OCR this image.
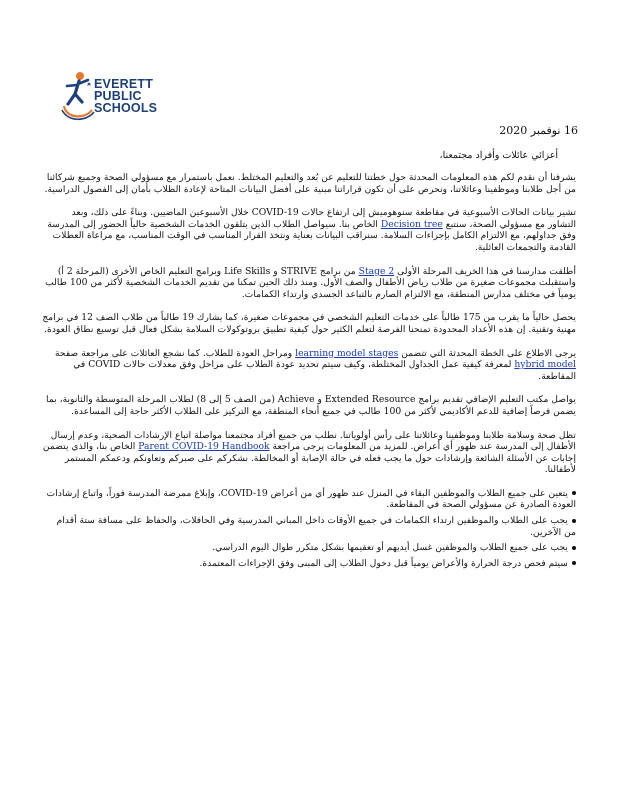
EVERETT
PUBLIC
SCHOOLS
16 نوفمبر 2020
أعزائي عائلات وأفراد مجتمعنا،

يشرفنا أن نقدم لكم هذه المعلومات المحدثة حول خطتنا للتعليم عن بُعد والتعليم المختلط. نعمل باستمرار مع مسؤولي الصحة وجميع شركائنا من أجل طلابنا وموظفينا وعائلاتنا، ونحرص على أن تكون قراراتنا مبنية على أفضل البيانات المتاحة لإعادة الطلاب بأمان إلى الفصول الدراسية.

تشير بيانات الحالات الأسبوعية في مقاطعة سنوهوميش إلى ارتفاع حالات COVID-19 خلال الأسبوعين الماضيين. وبناءً على ذلك، وبعد التشاور مع مسؤولي الصحة، سنتبع Decision tree الخاص بنا. سيواصل الطلاب الذين يتلقون الخدمات الشخصية حالياً الحضور إلى المدرسة وفق جداولهم، مع الالتزام الكامل بإجراءات السلامة. سنراقب البيانات بعناية ونتخذ القرار المناسب في الوقت المناسب، مع مراعاة العطلات القادمة والتجمعات العائلية.

أطلقت مدارسنا في هذا الخريف المرحلة الأولى Stage 2 من برامج STRIVE و Life Skills وبرامج التعليم الخاص الأخرى (المرحلة 2 أ) واستقبلت مجموعات صغيرة من طلاب رياض الأطفال والصف الأول. ومنذ ذلك الحين تمكنا من تقديم الخدمات الشخصية لأكثر من 100 طالب يومياً في مختلف مدارس المنطقة، مع الالتزام الصارم بالتباعد الجسدي وارتداء الكمامات.

يحصل حالياً ما يقرب من 175 طالباً على خدمات التعليم الشخصي في مجموعات صغيرة، كما يشارك 19 طالباً من طلاب الصف 12 في برامج مهنية وتقنية. إن هذه الأعداد المحدودة تمنحنا الفرصة لتعلم الكثير حول كيفية تطبيق بروتوكولات السلامة بشكل فعال قبل توسيع نطاق العودة.

يرجى الاطلاع على الخطة المحدثة التي تتضمن learning model stages ومراحل العودة للطلاب. كما نشجع العائلات على مراجعة صفحة hybrid model لمعرفة كيفية عمل الجداول المختلطة، وكيف سيتم تحديد عودة الطلاب على مراحل وفق معدلات حالات COVID في المقاطعة.

يواصل مكتب التعليم الإضافي تقديم برامج Extended Resource و Achieve (من الصف 5 إلى 8) لطلاب المرحلة المتوسطة والثانوية، بما يضمن فرصاً إضافية للدعم الأكاديمي لأكثر من 100 طالب في جميع أنحاء المنطقة، مع التركيز على الطلاب الأكثر حاجة إلى المساعدة.

تظل صحة وسلامة طلابنا وموظفينا وعائلاتنا على رأس أولوياتنا. نطلب من جميع أفراد مجتمعنا مواصلة اتباع الإرشادات الصحية، وعدم إرسال الأطفال إلى المدرسة عند ظهور أي أعراض. للمزيد من المعلومات يرجى مراجعة Parent COVID-19 Handbook الخاص بنا، والذي يتضمن إجابات عن الأسئلة الشائعة وإرشادات حول ما يجب فعله في حالة الإصابة أو المخالطة. نشكركم على صبركم وتعاونكم ودعمكم المستمر لأطفالنا.

يتعين على جميع الطلاب والموظفين البقاء في المنزل عند ظهور أي من أعراض COVID-19، وإبلاغ ممرضة المدرسة فوراً، واتباع إرشادات العودة الصادرة عن مسؤولي الصحة في المقاطعة.
يجب على الطلاب والموظفين ارتداء الكمامات في جميع الأوقات داخل المباني المدرسية وفي الحافلات، والحفاظ على مسافة ستة أقدام من الآخرين.
يجب على جميع الطلاب والموظفين غسل أيديهم أو تعقيمها بشكل متكرر طوال اليوم الدراسي.
سيتم فحص درجة الحرارة والأعراض يومياً قبل دخول الطلاب إلى المبنى وفق الإجراءات المعتمدة.
